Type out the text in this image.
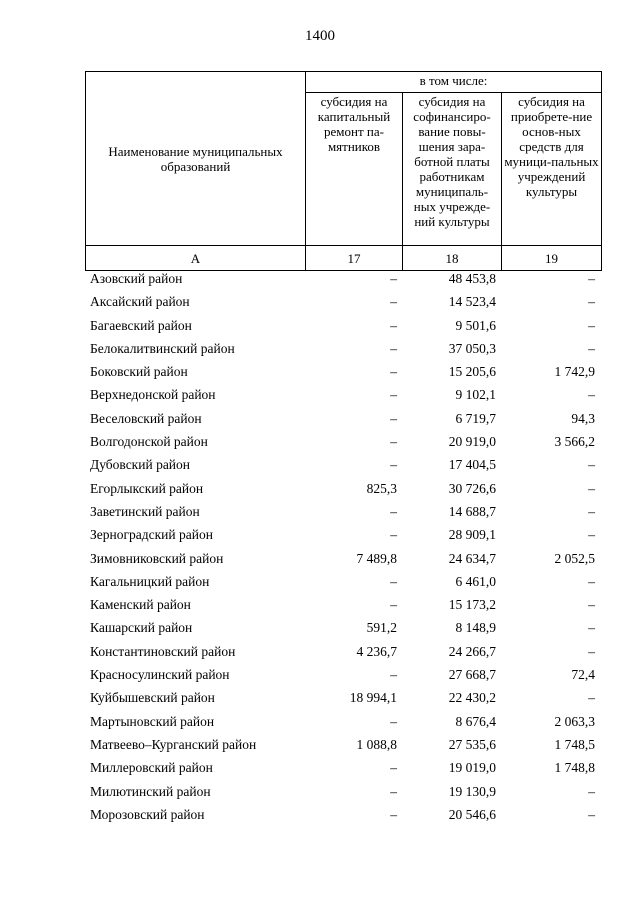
1400
Наименование муниципальных образований	в том числе:		
	субсидия на капитальный ремонт па-мятников	субсидия на софинансиро-вание повы-шения зара-ботной платы работникам муниципаль-ных учрежде-ний культуры	субсидия на приобрете-ние основ-ных средств для муници-пальных учреждений культуры
А	17	18	19
Азовский район	–	48 453,8	–
Аксайский район	–	14 523,4	–
Багаевский район	–	9 501,6	–
Белокалитвинский район	–	37 050,3	–
Боковский район	–	15 205,6	1 742,9
Верхнедонской район	–	9 102,1	–
Веселовский район	–	6 719,7	94,3
Волгодонской район	–	20 919,0	3 566,2
Дубовский район	–	17 404,5	–
Егорлыкский район	825,3	30 726,6	–
Заветинский район	–	14 688,7	–
Зерноградский район	–	28 909,1	–
Зимовниковский район	7 489,8	24 634,7	2 052,5
Кагальницкий район	–	6 461,0	–
Каменский район	–	15 173,2	–
Кашарский район	591,2	8 148,9	–
Константиновский район	4 236,7	24 266,7	–
Красносулинский район	–	27 668,7	72,4
Куйбышевский район	18 994,1	22 430,2	–
Мартыновский район	–	8 676,4	2 063,3
Матвеево–Курганский район	1 088,8	27 535,6	1 748,5
Миллеровский район	–	19 019,0	1 748,8
Милютинский район	–	19 130,9	–
Морозовский район	–	20 546,6	–
